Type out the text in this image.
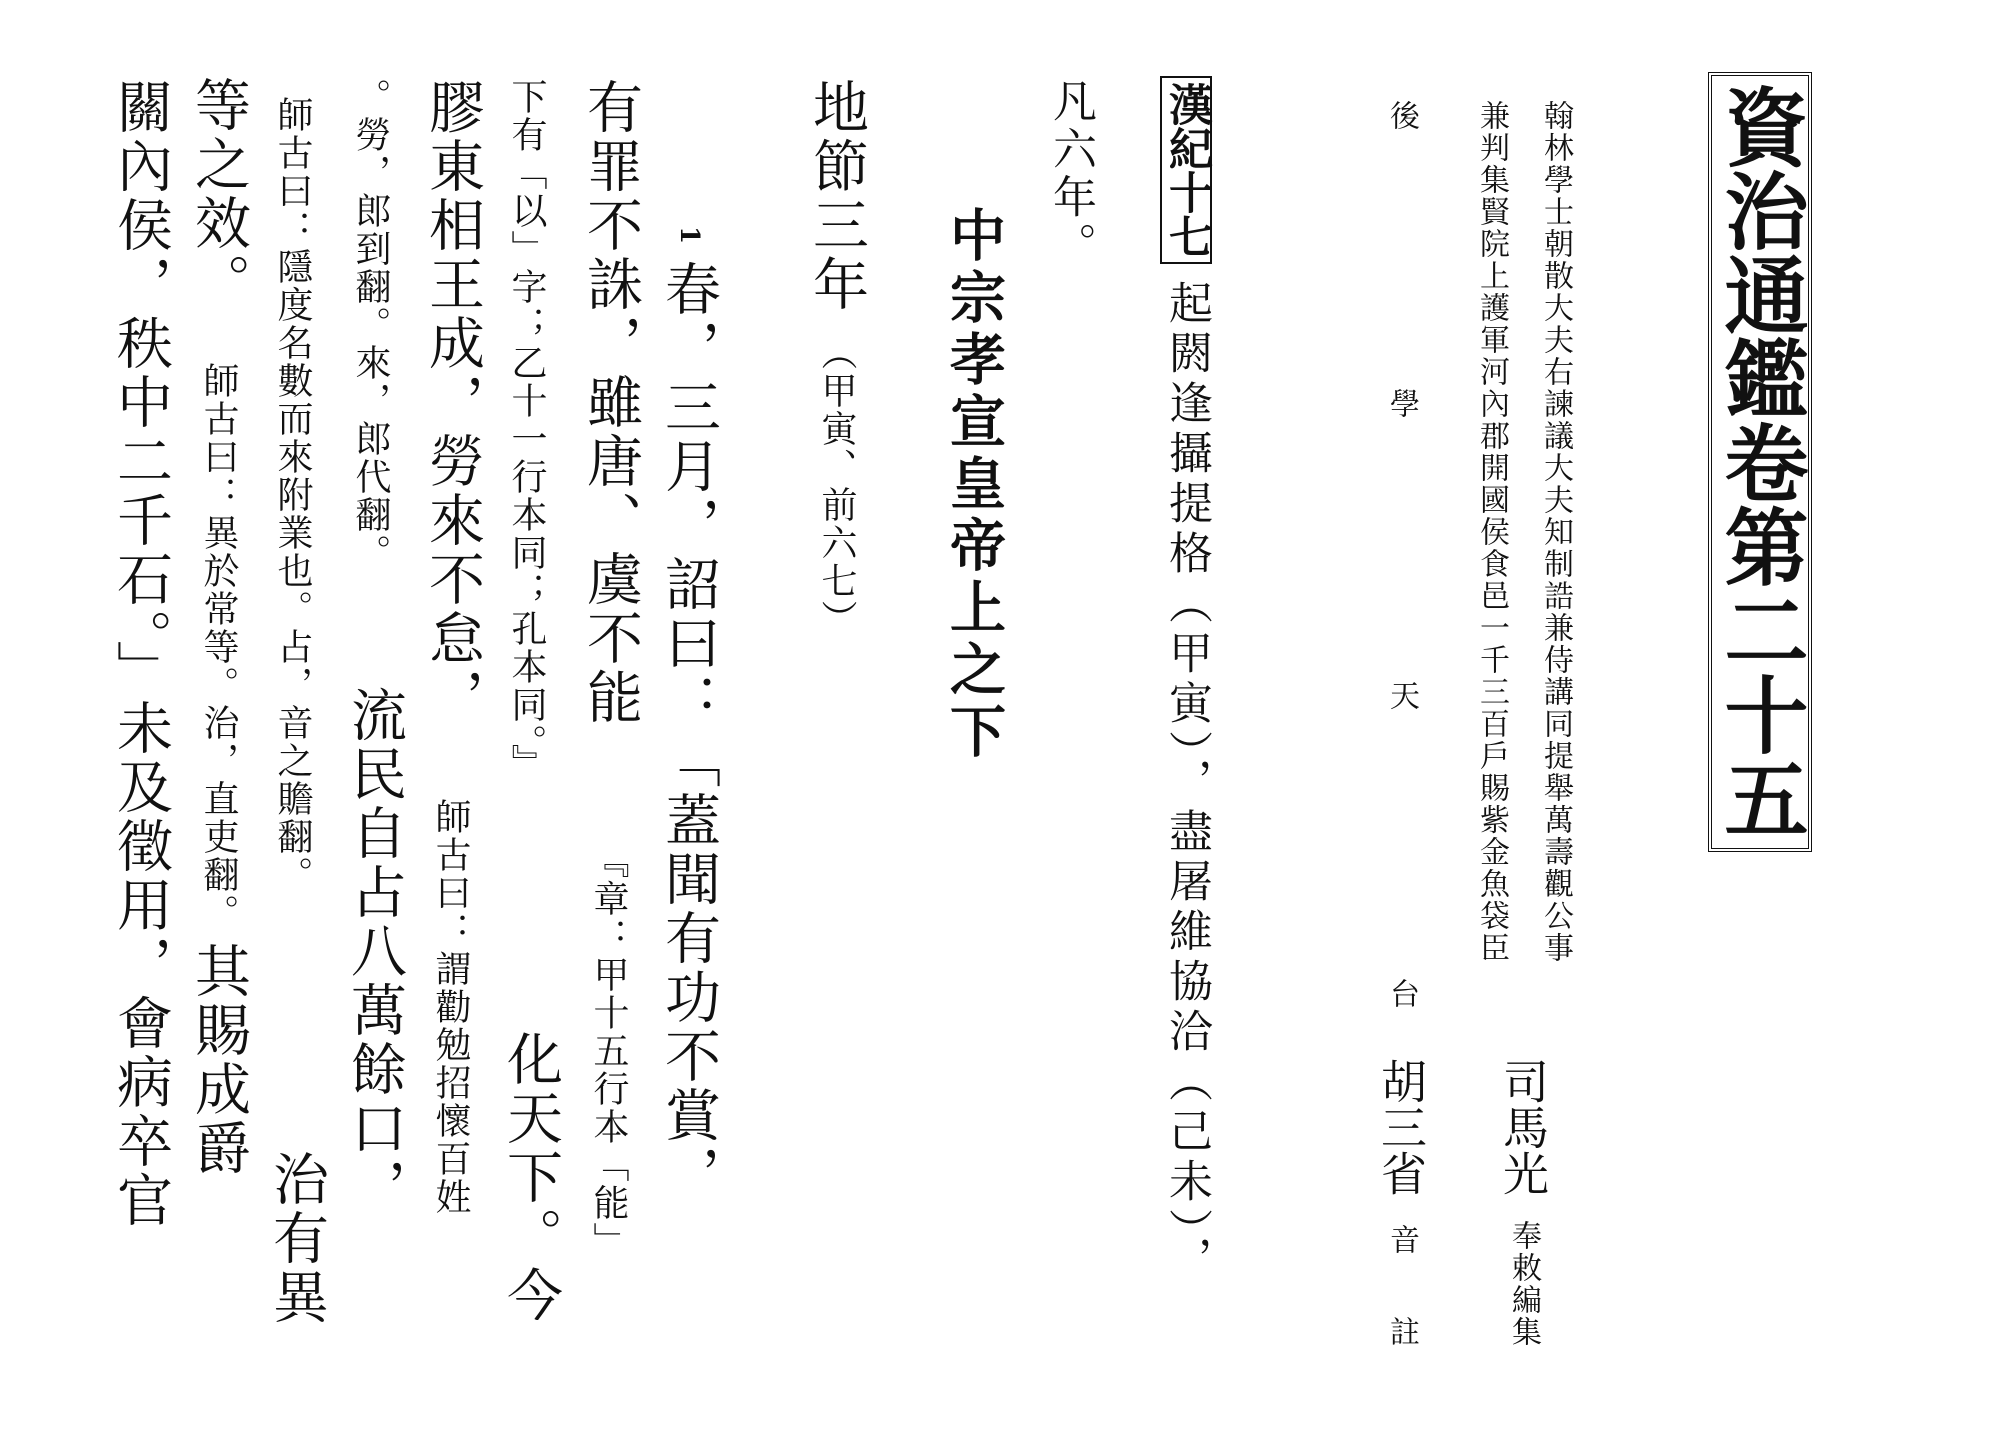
資治通鑑卷第二十五
翰林學士朝散大夫右諫議大夫知制誥兼侍講同提舉萬壽觀公事
兼判集賢院上護軍河內郡開國侯食邑一千三百戶賜紫金魚袋臣
司馬光
奉敕編集
後
學
天
台
胡三省
音
註
漢紀十七起閼逢攝提格（甲寅），盡屠維協洽（己未），
凡六年。
中宗孝宣皇帝上之下
地節三年（甲寅、前六七）
1
春，三月，詔曰：「蓋聞有功不賞，
有罪不誅，雖唐、虞不能
『章：甲十五行本「能」
下有「以」字；乙十一行本同；孔本同。』
化天下。今
膠東相王成，勞來不怠，
師古曰：謂勸勉招懷百姓
。勞，郎到翻。來，郎代翻。
流民自占八萬餘口，
師古曰：隱度名數而來附業也。占，音之贍翻。
治有異
等之效。師古曰：異於常等。治，直吏翻。其賜成爵
關內侯，秩中二千石。」未及徵用，會病卒官
